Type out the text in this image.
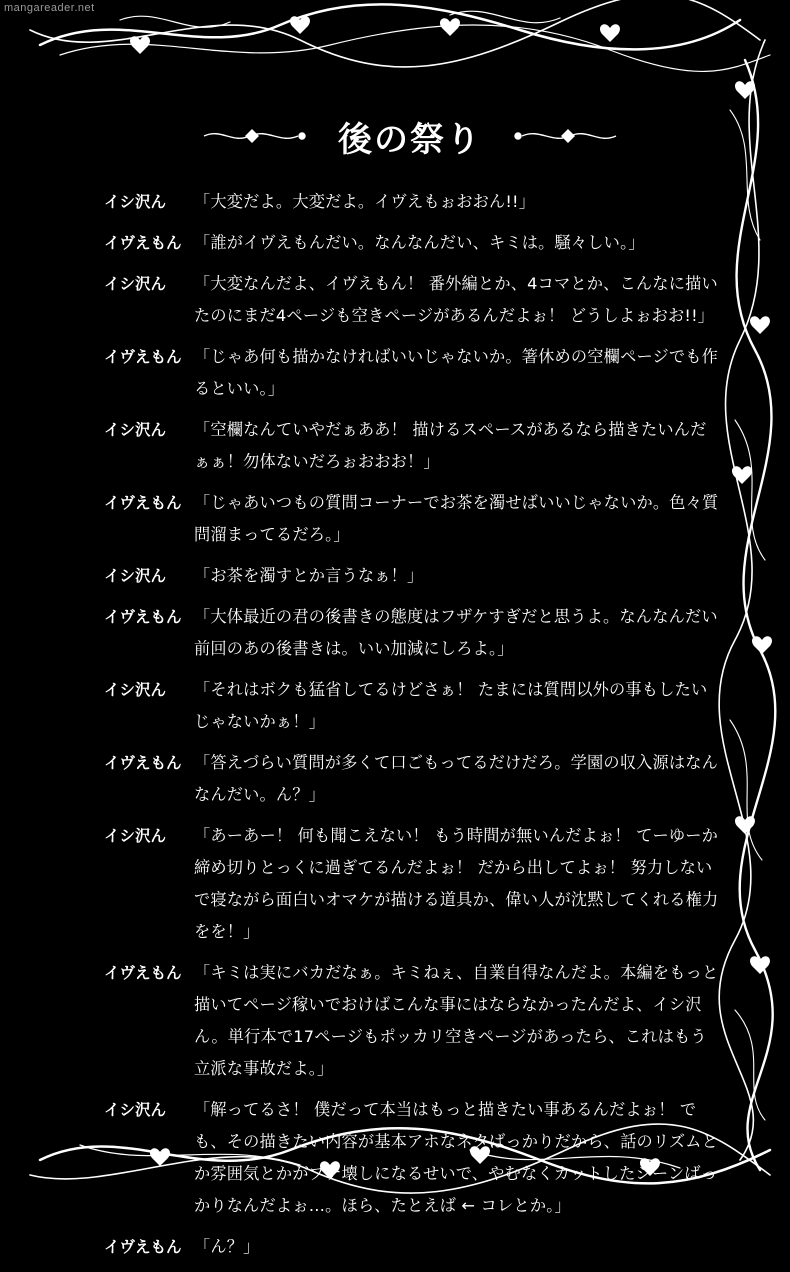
mangareader.net
後の祭り
イシ沢ん	「大変だよ。大変だよ。イヴえもぉおおん!!」
イヴえもん 「誰がイヴえもんだい。なんなんだい、キミは。騒々しい。」
イシ沢ん	「大変なんだよ、イヴえもん！ 番外編とか、4コマとか、こんなに描いたのにまだ4ページも空きページがあるんだよぉ！ どうしよぉおお!!」
イヴえもん 「じゃあ何も描かなければいいじゃないか。箸休めの空欄ページでも作るといい。」
イシ沢ん	「空欄なんていやだぁああ！ 描けるスペースがあるなら描きたいんだぁぁ！勿体ないだろぉおおお！」
イヴえもん 「じゃあいつもの質問コーナーでお茶を濁せばいいじゃないか。色々質問溜まってるだろ。」
イシ沢ん	「お茶を濁すとか言うなぁ！」
イヴえもん 「大体最近の君の後書きの態度はフザケすぎだと思うよ。なんなんだい前回のあの後書きは。いい加減にしろよ。」
イシ沢ん	「それはボクも猛省してるけどさぁ！ たまには質問以外の事もしたいじゃないかぁ！」
イヴえもん 「答えづらい質問が多くて口ごもってるだけだろ。学園の収入源はなんなんだい。ん？」
イシ沢ん	「あーあー！ 何も聞こえない！ もう時間が無いんだよぉ！ てーゆーか締め切りとっくに過ぎてるんだよぉ！ だから出してよぉ！ 努力しないで寝ながら面白いオマケが描ける道具か、偉い人が沈黙してくれる権力をを！」
イヴえもん 「キミは実にバカだなぁ。キミねぇ、自業自得なんだよ。本編をもっと描いてページ稼いでおけばこんな事にはならなかったんだよ、イシ沢ん。単行本で17ページもポッカリ空きページがあったら、これはもう立派な事故だよ。」
イシ沢ん	「解ってるさ！ 僕だって本当はもっと描きたい事あるんだよぉ！ でも、その描きたい内容が基本アホなネタばっかりだから、話のリズムとか雰囲気とかがブチ壊しになるせいで、やむなくカットしたシーンばっかりなんだよぉ…。ほら、たとえば ← コレとか。」
イヴえもん 「ん？」
